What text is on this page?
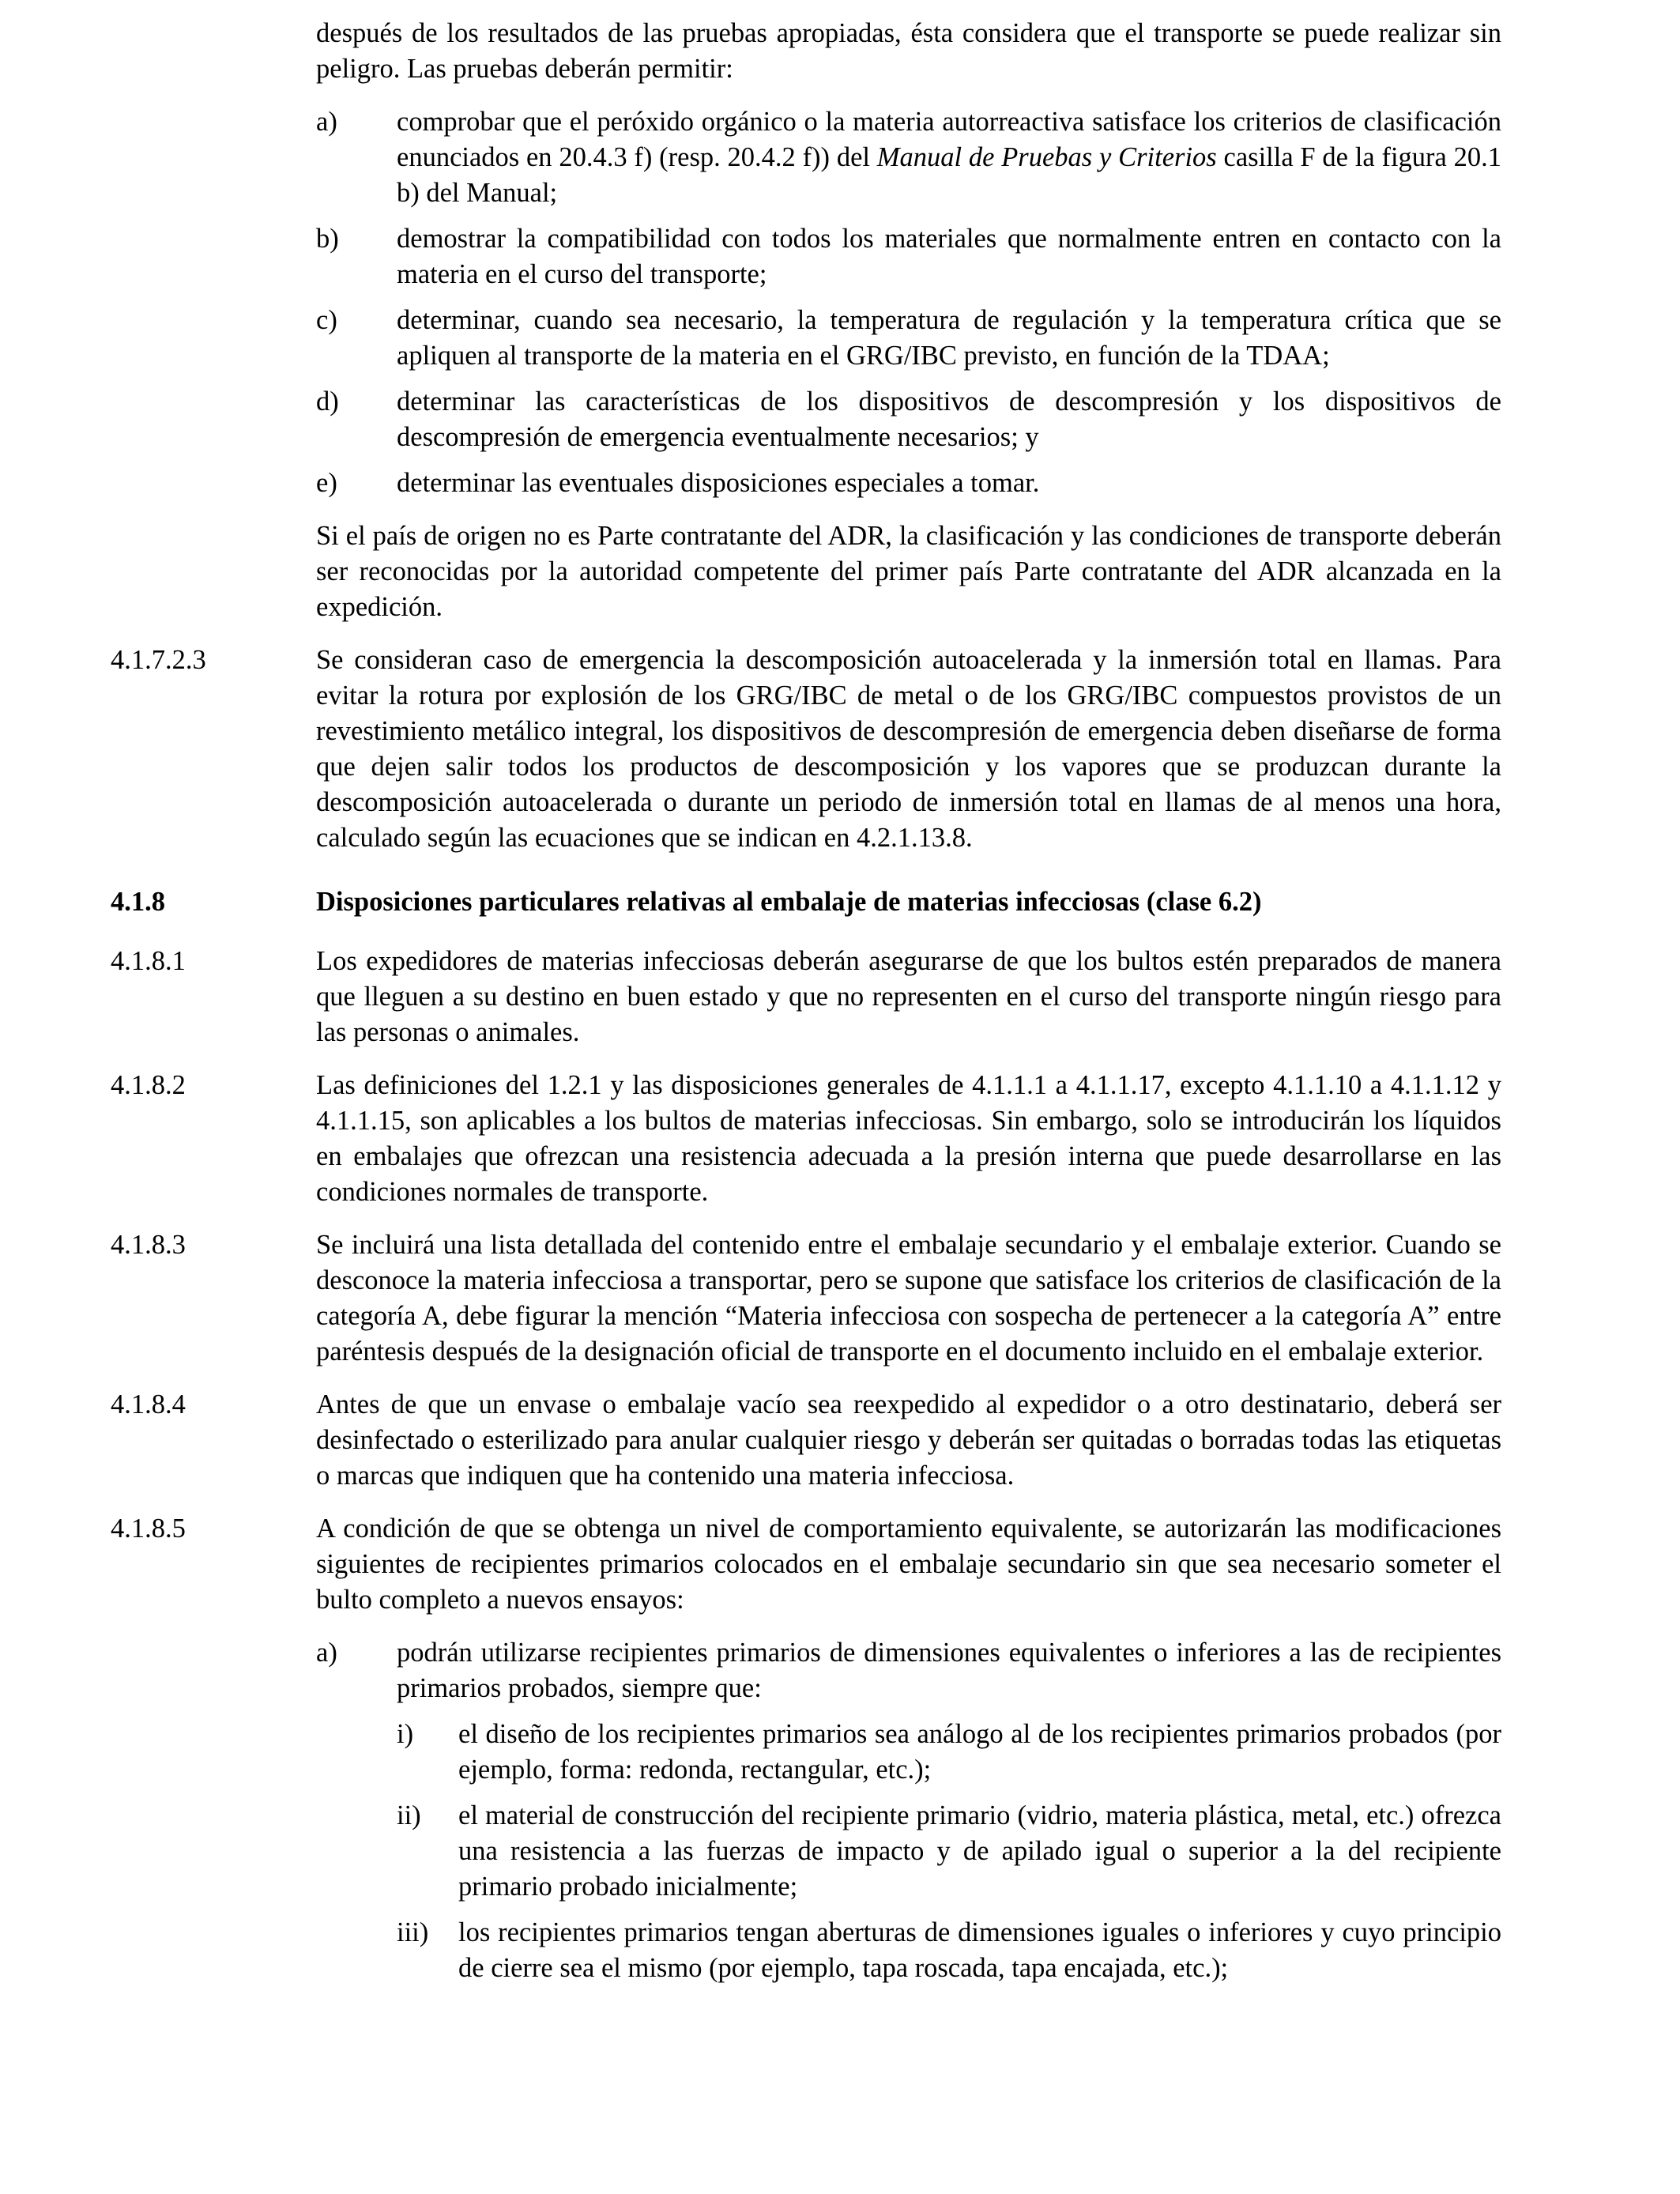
después de los resultados de las pruebas apropiadas, ésta considera que el transporte se puede realizar sin peligro. Las pruebas deberán permitir:

a)	comprobar que el peróxido orgánico o la materia autorreactiva satisface los criterios de clasificación enunciados en 20.4.3 f) (resp. 20.4.2 f)) del Manual de Pruebas y Criterios casilla F de la figura 20.1 b) del Manual;
b)	demostrar la compatibilidad con todos los materiales que normalmente entren en contacto con la materia en el curso del transporte;
c)	determinar, cuando sea necesario, la temperatura de regulación y la temperatura crítica que se apliquen al transporte de la materia en el GRG/IBC previsto, en función de la TDAA;
d)	determinar las características de los dispositivos de descompresión y los dispositivos de descompresión de emergencia eventualmente necesarios; y
e)	determinar las eventuales disposiciones especiales a tomar.

Si el país de origen no es Parte contratante del ADR, la clasificación y las condiciones de transporte deberán ser reconocidas por la autoridad competente del primer país Parte contratante del ADR alcanzada en la expedición.

4.1.7.2.3	Se consideran caso de emergencia la descomposición autoacelerada y la inmersión total en llamas. Para evitar la rotura por explosión de los GRG/IBC de metal o de los GRG/IBC compuestos provistos de un revestimiento metálico integral, los dispositivos de descompresión de emergencia deben diseñarse de forma que dejen salir todos los productos de descomposición y los vapores que se produzcan durante la descomposición autoacelerada o durante un periodo de inmersión total en llamas de al menos una hora, calculado según las ecuaciones que se indican en 4.2.1.13.8.
4.1.8	Disposiciones particulares relativas al embalaje de materias infecciosas (clase 6.2)
4.1.8.1	Los expedidores de materias infecciosas deberán asegurarse de que los bultos estén preparados de manera que lleguen a su destino en buen estado y que no representen en el curso del transporte ningún riesgo para las personas o animales.
4.1.8.2	Las definiciones del 1.2.1 y las disposiciones generales de 4.1.1.1 a 4.1.1.17, excepto 4.1.1.10 a 4.1.1.12 y 4.1.1.15, son aplicables a los bultos de materias infecciosas. Sin embargo, solo se introducirán los líquidos en embalajes que ofrezcan una resistencia adecuada a la presión interna que puede desarrollarse en las condiciones normales de transporte.
4.1.8.3	Se incluirá una lista detallada del contenido entre el embalaje secundario y el embalaje exterior. Cuando se desconoce la materia infecciosa a transportar, pero se supone que satisface los criterios de clasificación de la categoría A, debe figurar la mención “Materia infecciosa con sospecha de pertenecer a la categoría A” entre paréntesis después de la designación oficial de transporte en el documento incluido en el embalaje exterior.
4.1.8.4	Antes de que un envase o embalaje vacío sea reexpedido al expedidor o a otro destinatario, deberá ser desinfectado o esterilizado para anular cualquier riesgo y deberán ser quitadas o borradas todas las etiquetas o marcas que indiquen que ha contenido una materia infecciosa.
4.1.8.5	A condición de que se obtenga un nivel de comportamiento equivalente, se autorizarán las modificaciones siguientes de recipientes primarios colocados en el embalaje secundario sin que sea necesario someter el bulto completo a nuevos ensayos:

a)	podrán utilizarse recipientes primarios de dimensiones equivalentes o inferiores a las de recipientes primarios probados, siempre que:
i)	el diseño de los recipientes primarios sea análogo al de los recipientes primarios probados (por ejemplo, forma: redonda, rectangular, etc.);
ii)	el material de construcción del recipiente primario (vidrio, materia plástica, metal, etc.) ofrezca una resistencia a las fuerzas de impacto y de apilado igual o superior a la del recipiente primario probado inicialmente;
iii)	los recipientes primarios tengan aberturas de dimensiones iguales o inferiores y cuyo principio de cierre sea el mismo (por ejemplo, tapa roscada, tapa encajada, etc.);
